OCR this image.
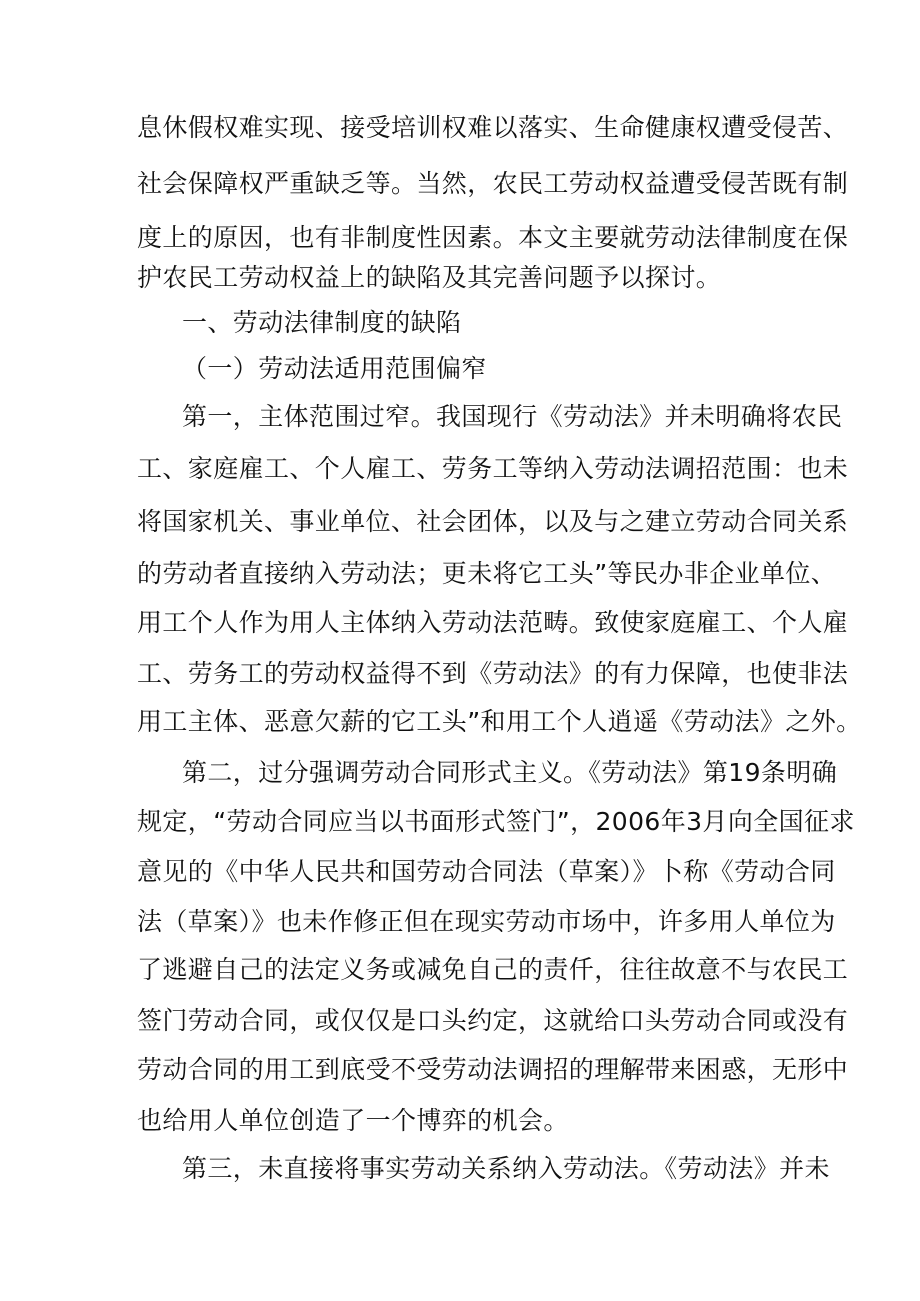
息休假权难实现、接受培训权难以落实、生命健康权遭受侵苦、
社会保障权严重缺乏等。当然，农民工劳动权益遭受侵苦既有制
度上的原因，也有非制度性因素。本文主要就劳动法律制度在保
护农民工劳动权益上的缺陷及其完善问题予以探讨。
一、劳动法律制度的缺陷
（一）劳动法适用范围偏窄
第一，主体范围过窄。我国现行《劳动法》并未明确将农民
工、家庭雇工、个人雇工、劳务工等纳入劳动法调招范围：也未
将国家机关、事业单位、社会团体，以及与之建立劳动合同关系
的劳动者直接纳入劳动法；更未将它工头”等民办非企业单位、
用工个人作为用人主体纳入劳动法范畴。致使家庭雇工、个人雇
工、劳务工的劳动权益得不到《劳动法》的有力保障，也使非法
用工主体、恶意欠薪的它工头”和用工个人逍遥《劳动法》之外。
第二，过分强调劳动合同形式主义。《劳动法》第19条明确
规定，“劳动合同应当以书面形式签门”，2006年3月向全国征求
意见的《中华人民共和国劳动合同法（草案）》卜称《劳动合同
法（草案）》也未作修正但在现实劳动市场中，许多用人单位为
了逃避自己的法定义务或减免自己的责仟，往往故意不与农民工
签门劳动合同，或仅仅是口头约定，这就给口头劳动合同或没有
劳动合同的用工到底受不受劳动法调招的理解带来困惑，无形中
也给用人单位创造了一个博弈的机会。
第三，未直接将事实劳动关系纳入劳动法。《劳动法》并未
